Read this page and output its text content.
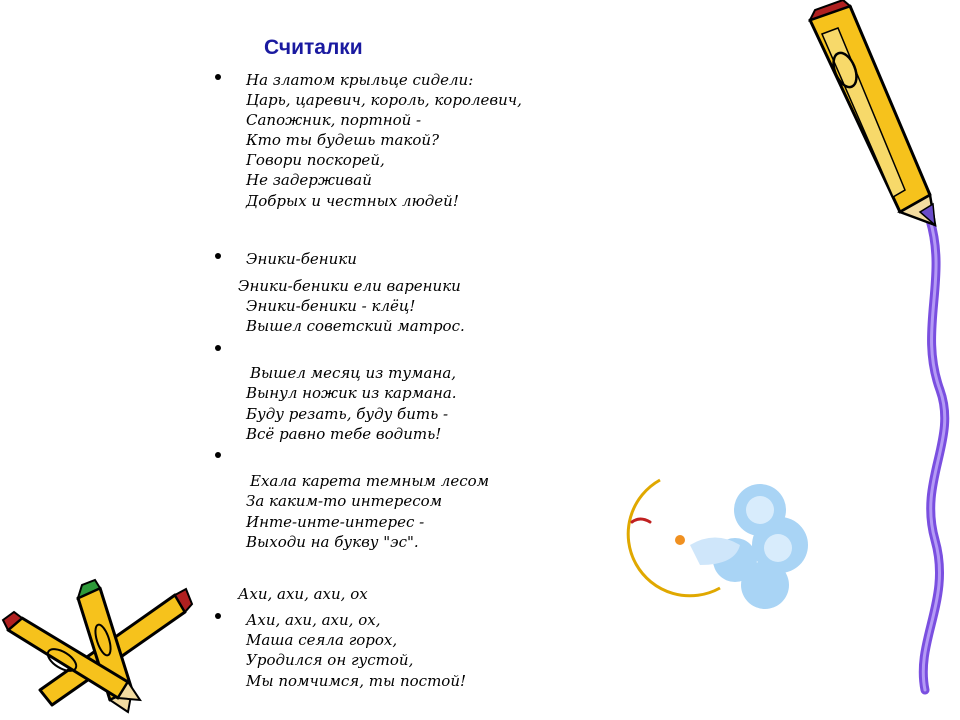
Считалки
На златом крыльце сидели:
Царь, царевич, король, королевич,
Сапожник, портной -
Кто ты будешь такой?
Говори поскорей,
Не задерживай
Добрых и честных людей!
Эники-беники
Эники-беники ели вареники
Эники-беники - клёц!
Вышел советский матрос.
Вышел месяц из тумана,
Вынул ножик из кармана.
Буду резать, буду бить -
Всё равно тебе водить!
Ехала карета темным лесом
За каким-то интересом
Инте-инте-интерес -
Выходи на букву "эс".
Ахи, ахи, ахи, ох
Ахи, ахи, ахи, ох,
Маша сеяла горох,
Уродился он густой,
Мы помчимся, ты постой!
